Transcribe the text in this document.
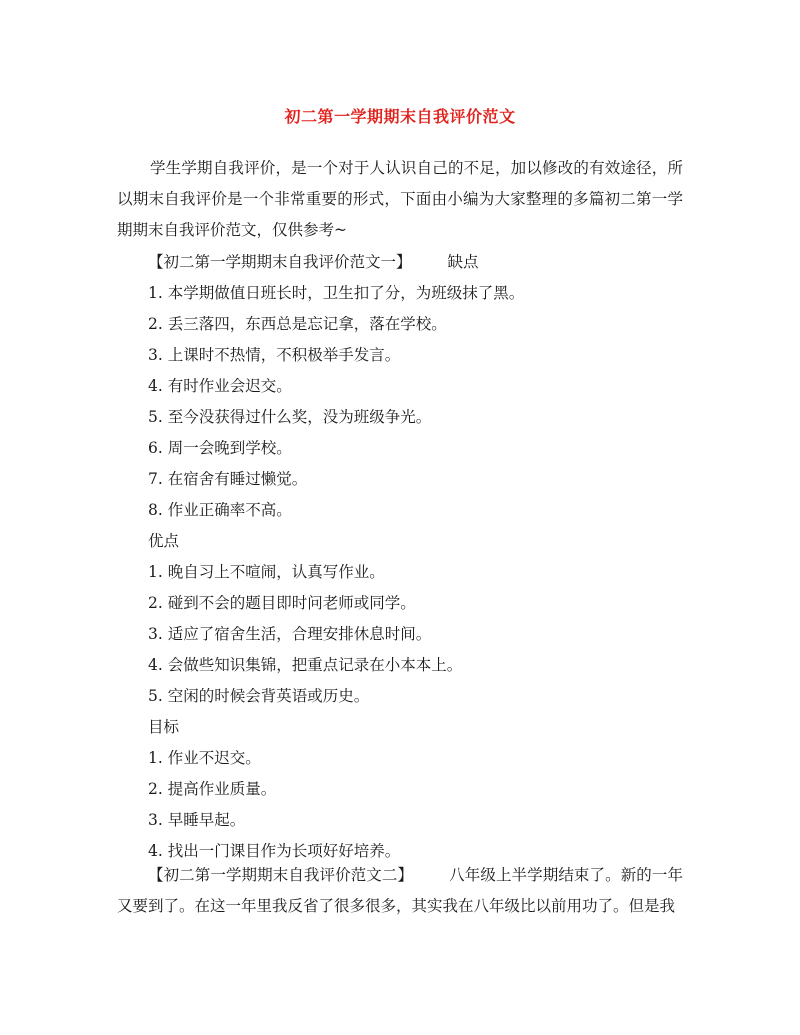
初二第一学期期末自我评价范文

学生学期自我评价，是一个对于人认识自己的不足，加以修改的有效途径，所以期末自我评价是一个非常重要的形式，下面由小编为大家整理的多篇初二第一学期期末自我评价范文，仅供参考~

【初二第一学期期末自我评价范文一】 缺点
1. 本学期做值日班长时，卫生扣了分，为班级抹了黑。
2. 丢三落四，东西总是忘记拿，落在学校。
3. 上课时不热情，不积极举手发言。
4. 有时作业会迟交。
5. 至今没获得过什么奖，没为班级争光。
6. 周一会晚到学校。
7. 在宿舍有睡过懒觉。
8. 作业正确率不高。
优点
1. 晚自习上不喧闹，认真写作业。
2. 碰到不会的题目即时问老师或同学。
3. 适应了宿舍生活，合理安排休息时间。
4. 会做些知识集锦，把重点记录在小本本上。
5. 空闲的时候会背英语或历史。
目标
1. 作业不迟交。
2. 提高作业质量。
3. 早睡早起。
4. 找出一门课目作为长项好好培养。

【初二第一学期期末自我评价范文二】 八年级上半学期结束了。新的一年又要到了。在这一年里我反省了很多很多，其实我在八年级比以前用功了。但是我
